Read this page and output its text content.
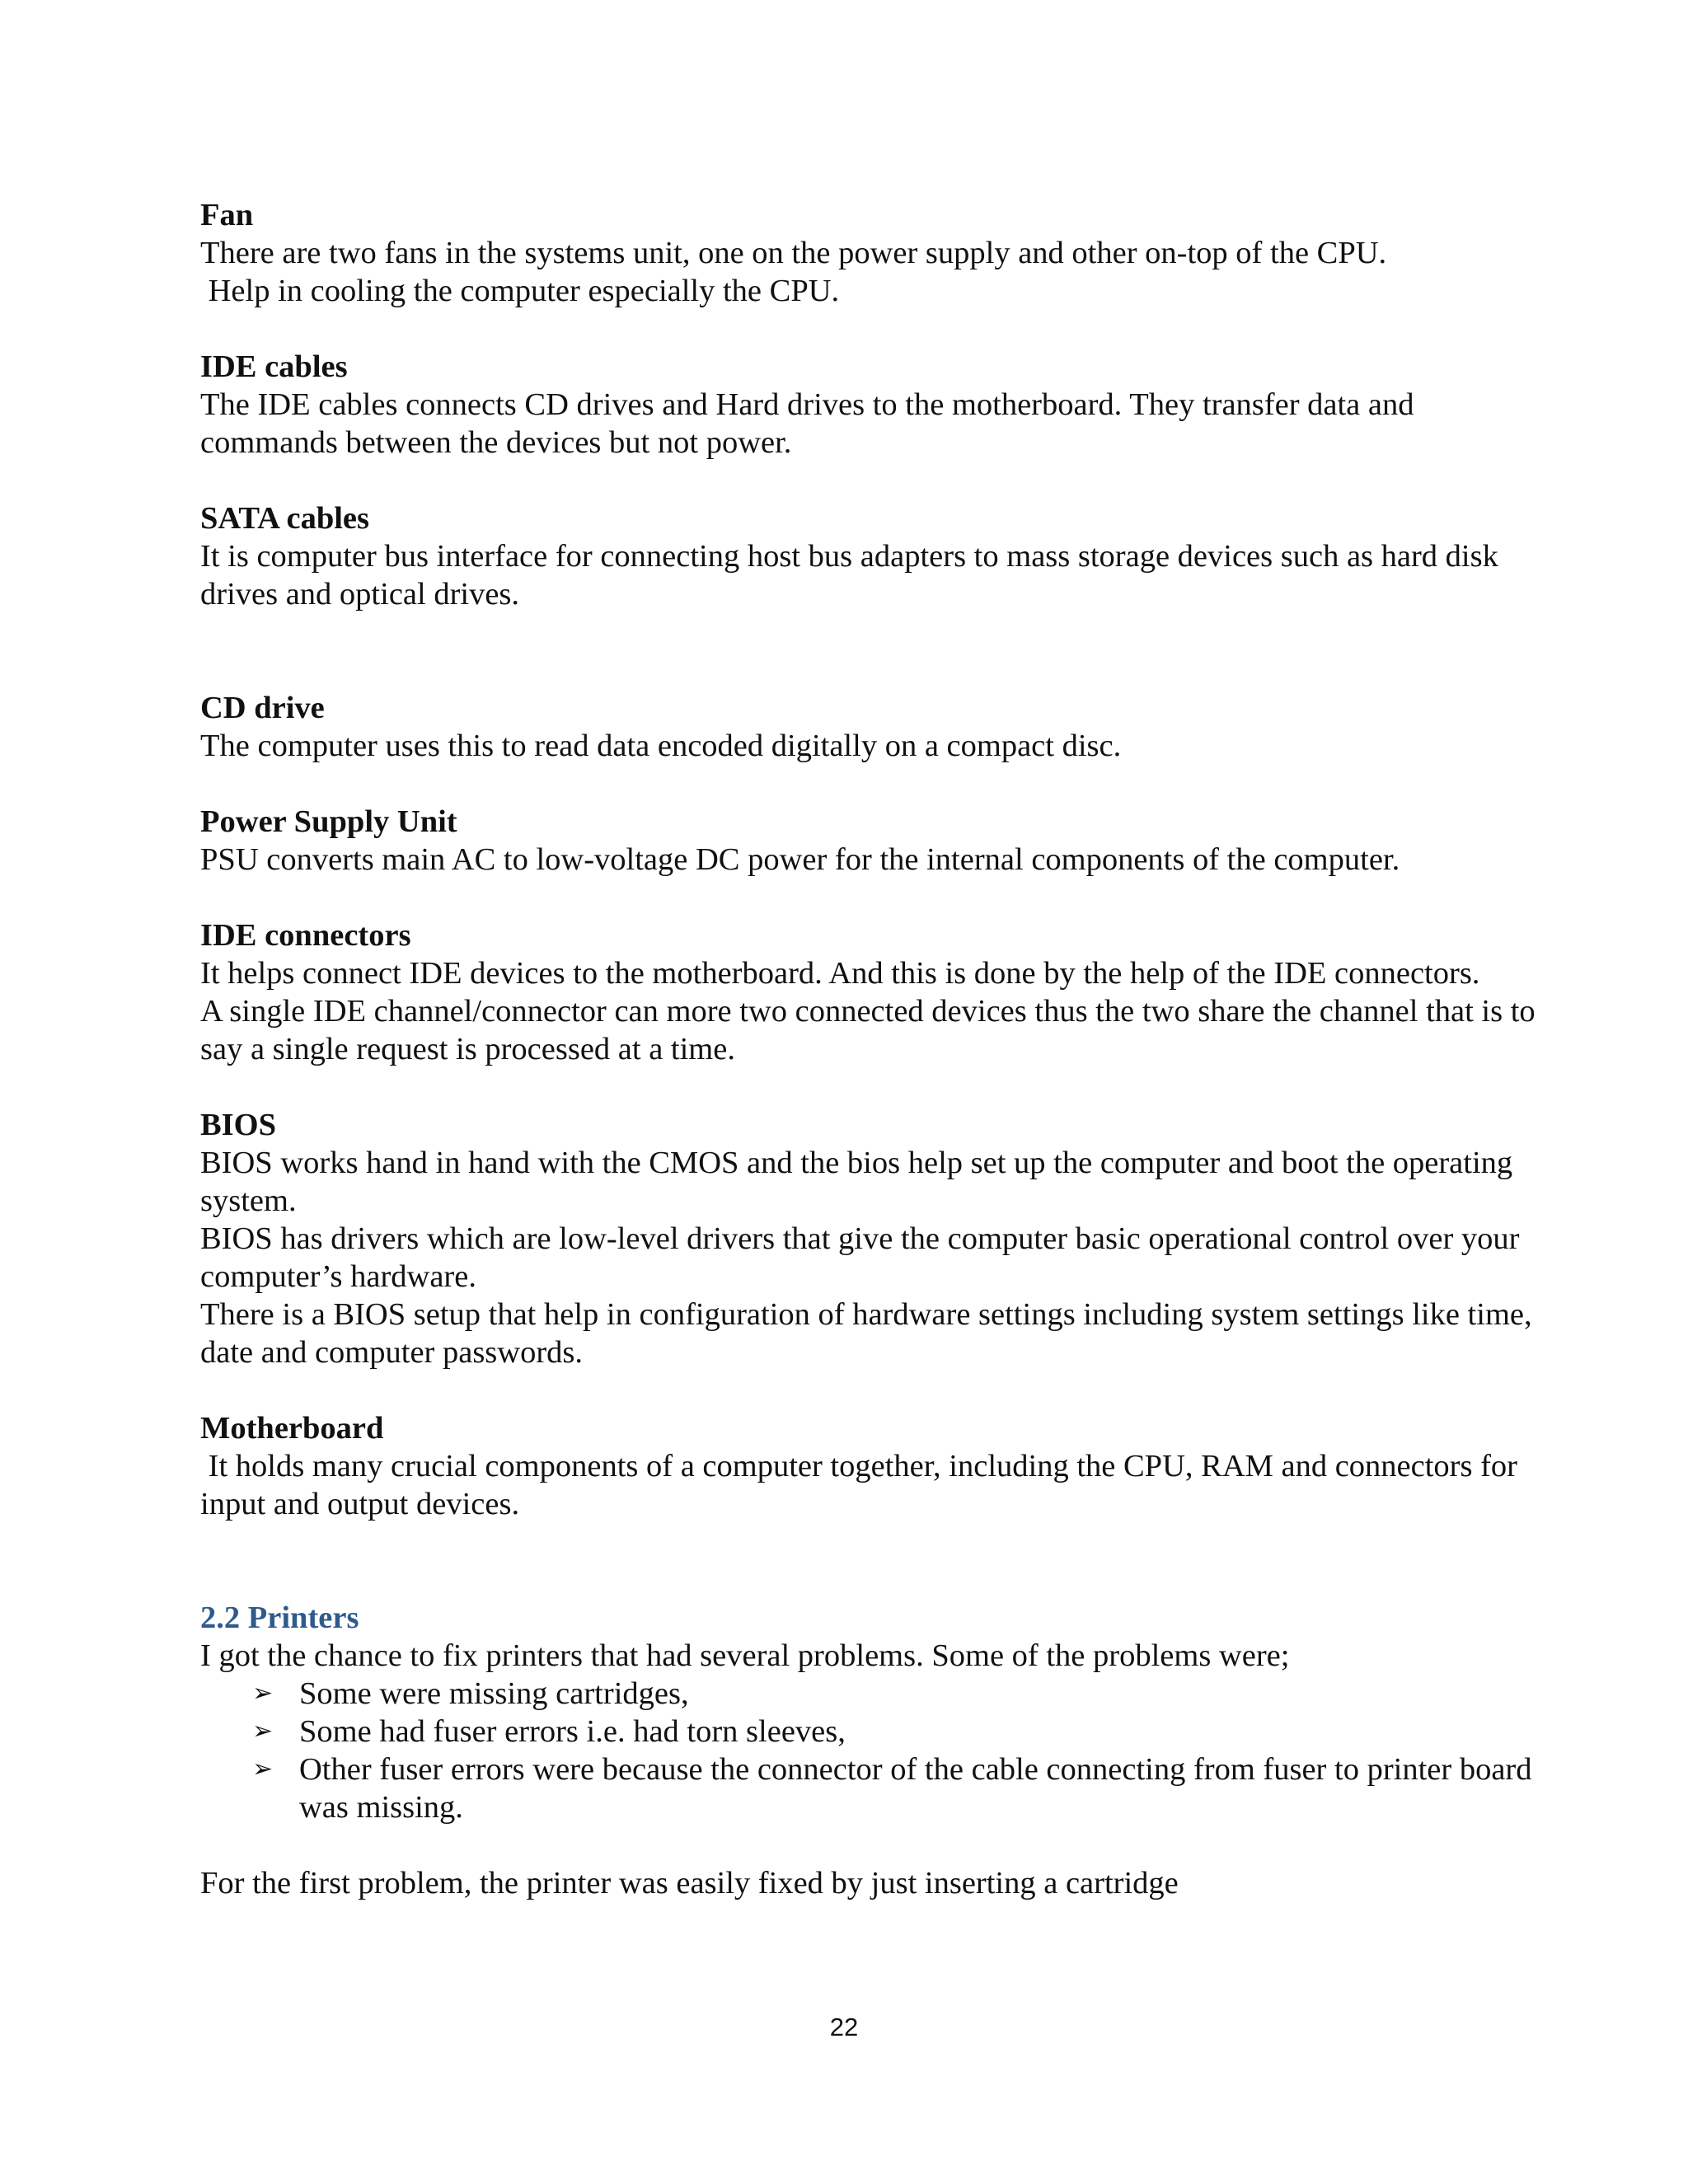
Fan

There are two fans in the systems unit, one on the power supply and other on-top of the CPU.

Help in cooling the computer especially the CPU.

IDE cables

The IDE cables connects CD drives and Hard drives to the motherboard. They transfer data and commands between the devices but not power.

SATA cables

It is computer bus interface for connecting host bus adapters to mass storage devices such as hard disk drives and optical drives.

CD drive

The computer uses this to read data encoded digitally on a compact disc.

Power Supply Unit

PSU converts main AC to low-voltage DC power for the internal components of the computer.

IDE connectors

It helps connect IDE devices to the motherboard. And this is done by the help of the IDE connectors.

A single IDE channel/connector can more two connected devices thus the two share the channel that is to say a single request is processed at a time.

BIOS

BIOS works hand in hand with the CMOS and the bios help set up the computer and boot the operating system.

BIOS has drivers which are low-level drivers that give the computer basic operational control over your computer’s hardware.

There is a BIOS setup that help in configuration of hardware settings including system settings like time, date and computer passwords.

Motherboard

It holds many crucial components of a computer together, including the CPU, RAM and connectors for input and output devices.

2.2 Printers

I got the chance to fix printers that had several problems. Some of the problems were;

➢ Some were missing cartridges,
➢ Some had fuser errors i.e. had torn sleeves,
➢ Other fuser errors were because the connector of the cable connecting from fuser to printer board was missing.

For the first problem, the printer was easily fixed by just inserting a cartridge

22
